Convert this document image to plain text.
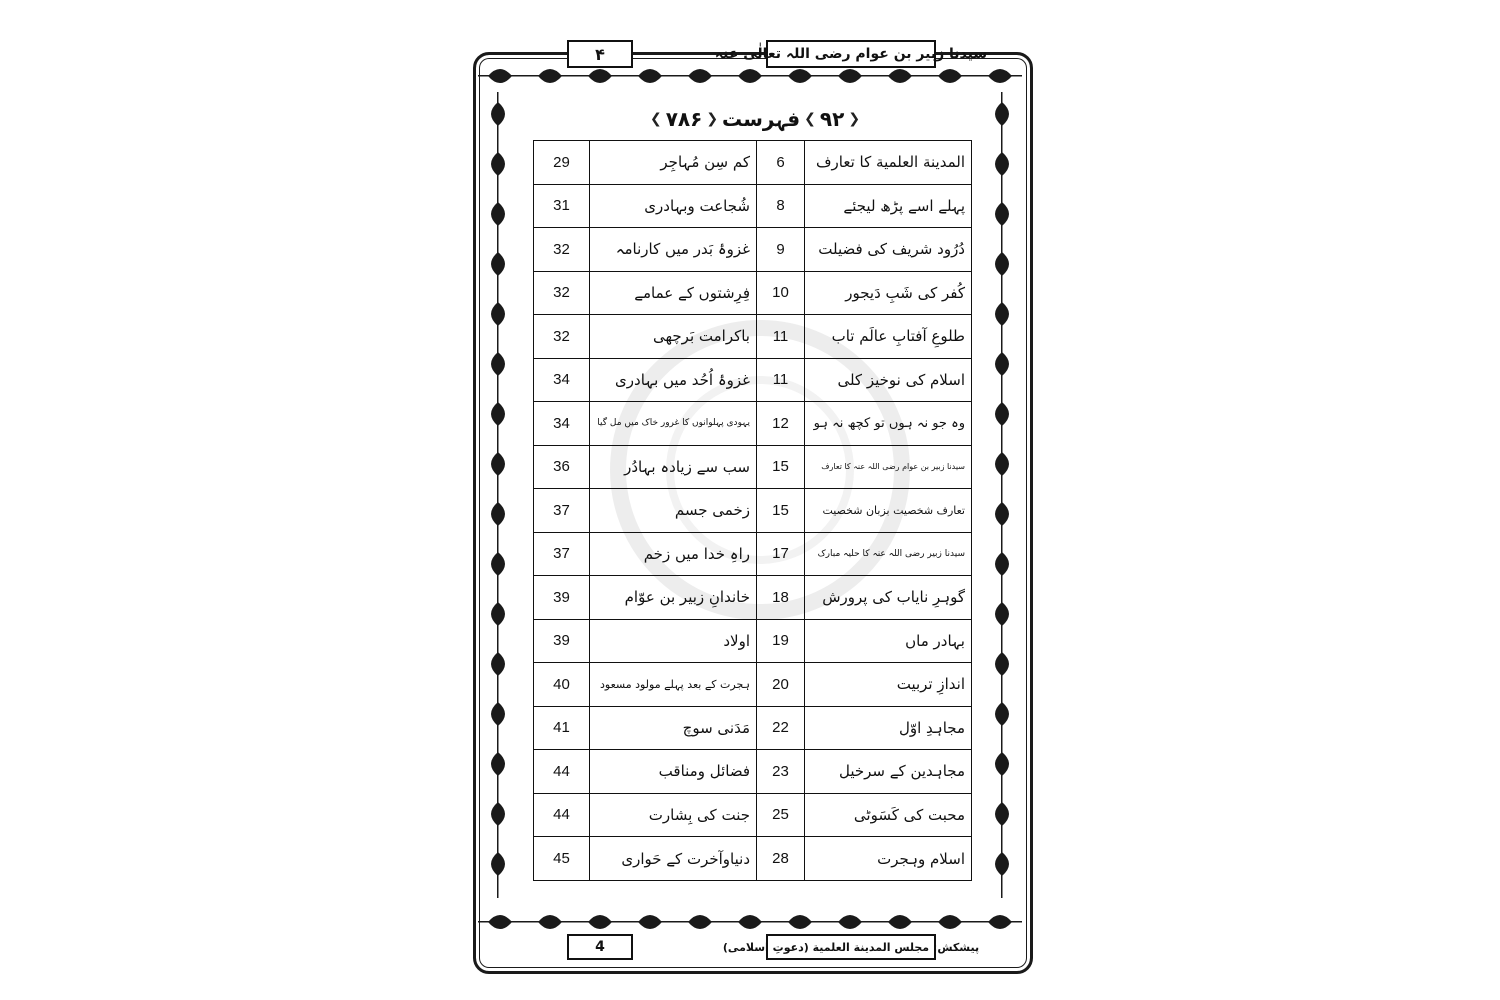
۴	سیدنا زبیر بن عوام رضی اللہ تعالٰی عنہ
❮
۹۲
❯
فہرست
❮
۷۸۶
❯
29	کم سِن مُہاجِر	6	المدینة العلمیة کا تعارف
31	شُجاعت وبہادری	8	پہلے اسے پڑھ لیجئے
32	غزوۂ بَدر میں کارنامہ	9	دُرُود شریف کی فضیلت
32	فِرِشتوں کے عمامے	10	کُفر کی شَبِ دَیجور
32	باکرامت بَرچھی	11	طلوعِ آفتابِ عالَم تاب
34	غزوۂ اُحُد میں بہادری	11	اسلام کی نوخیز کلی
34	یہودی پہلوانوں کا غرور خاک میں مل گیا	12	وہ جو نہ ہوں تو کچھ نہ ہو
36	سب سے زیادہ بہادُر	15	سیدنا زبیر بن عوام رضی اللہ عنہ کا تعارف
37	زخمی جسم	15	تعارف شخصیت بزبان شخصیت
37	راہِ خدا میں زخم	17	سیدنا زبیر رضی اللہ عنہ کا حلیہ مبارک
39	خاندانِ زبیر بن عوّام	18	گوہرِ نایاب کی پرورش
39	اولاد	19	بہادر ماں
40	ہجرت کے بعد پہلے مولود مسعود	20	اندازِ تربیت
41	مَدَنی سوچ	22	مجاہدِ اوّل
44	فضائل ومناقب	23	مجاہدین کے سرخیل
44	جنت کی بِشارت	25	محبت کی کَسَوٹی
45	دنیاوآخرت کے حَواری	28	اسلام وہجرت
4	پیشکش: مجلس المدینة العلمیة (دعوتِ اسلامی)
